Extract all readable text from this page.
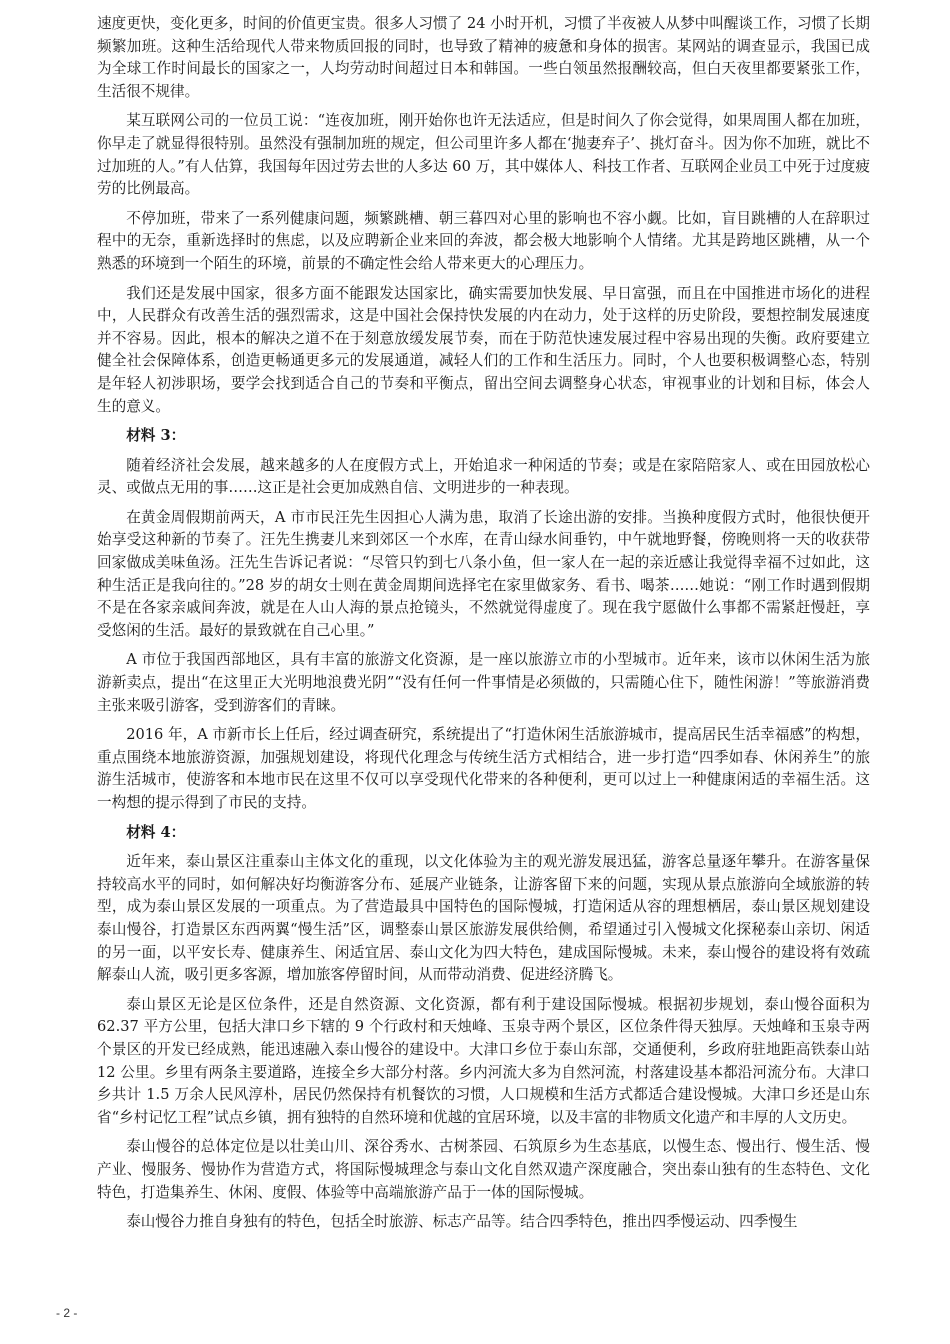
速度更快，变化更多，时间的价值更宝贵。很多人习惯了 24 小时开机，习惯了半夜被人从梦中叫醒谈工作，习惯了长期频繁加班。这种生活给现代人带来物质回报的同时，也导致了精神的疲惫和身体的损害。某网站的调查显示，我国已成为全球工作时间最长的国家之一，人均劳动时间超过日本和韩国。一些白领虽然报酬较高，但白天夜里都要紧张工作，生活很不规律。

某互联网公司的一位员工说：“连夜加班，刚开始你也许无法适应，但是时间久了你会觉得，如果周围人都在加班，你早走了就显得很特别。虽然没有强制加班的规定，但公司里许多人都在‘抛妻弃子’、挑灯奋斗。因为你不加班，就比不过加班的人。”有人估算，我国每年因过劳去世的人多达 60 万，其中媒体人、科技工作者、互联网企业员工中死于过度疲劳的比例最高。

不停加班，带来了一系列健康问题，频繁跳槽、朝三暮四对心里的影响也不容小觑。比如，盲目跳槽的人在辞职过程中的无奈，重新选择时的焦虑，以及应聘新企业来回的奔波，都会极大地影响个人情绪。尤其是跨地区跳槽，从一个熟悉的环境到一个陌生的环境，前景的不确定性会给人带来更大的心理压力。

我们还是发展中国家，很多方面不能跟发达国家比，确实需要加快发展、早日富强，而且在中国推进市场化的进程中，人民群众有改善生活的强烈需求，这是中国社会保持快发展的内在动力，处于这样的历史阶段，要想控制发展速度并不容易。因此，根本的解决之道不在于刻意放缓发展节奏，而在于防范快速发展过程中容易出现的失衡。政府要建立健全社会保障体系，创造更畅通更多元的发展通道，减轻人们的工作和生活压力。同时，个人也要积极调整心态，特别是年轻人初涉职场，要学会找到适合自己的节奏和平衡点，留出空间去调整身心状态，审视事业的计划和目标，体会人生的意义。

材料 3：

随着经济社会发展，越来越多的人在度假方式上，开始追求一种闲适的节奏；或是在家陪陪家人、或在田园放松心灵、或做点无用的事……这正是社会更加成熟自信、文明进步的一种表现。

在黄金周假期前两天，A 市市民汪先生因担心人满为患，取消了长途出游的安排。当换种度假方式时，他很快便开始享受这种新的节奏了。汪先生携妻儿来到郊区一个水库，在青山绿水间垂钓，中午就地野餐，傍晚则将一天的收获带回家做成美味鱼汤。汪先生告诉记者说：“尽管只钓到七八条小鱼，但一家人在一起的亲近感让我觉得幸福不过如此，这种生活正是我向往的。”28 岁的胡女士则在黄金周期间选择宅在家里做家务、看书、喝茶……她说：“刚工作时遇到假期不是在各家亲戚间奔波，就是在人山人海的景点抢镜头，不然就觉得虚度了。现在我宁愿做什么事都不需紧赶慢赶，享受悠闲的生活。最好的景致就在自己心里。”

A 市位于我国西部地区，具有丰富的旅游文化资源，是一座以旅游立市的小型城市。近年来，该市以休闲生活为旅游新卖点，提出“在这里正大光明地浪费光阴”“没有任何一件事情是必须做的，只需随心住下，随性闲游！”等旅游消费主张来吸引游客，受到游客们的青睐。

2016 年，A 市新市长上任后，经过调查研究，系统提出了“打造休闲生活旅游城市，提高居民生活幸福感”的构想，重点围绕本地旅游资源，加强规划建设，将现代化理念与传统生活方式相结合，进一步打造“四季如春、休闲养生”的旅游生活城市，使游客和本地市民在这里不仅可以享受现代化带来的各种便利，更可以过上一种健康闲适的幸福生活。这一构想的提示得到了市民的支持。

材料 4：

近年来，泰山景区注重泰山主体文化的重现，以文化体验为主的观光游发展迅猛，游客总量逐年攀升。在游客量保持较高水平的同时，如何解决好均衡游客分布、延展产业链条，让游客留下来的问题，实现从景点旅游向全域旅游的转型，成为泰山景区发展的一项重点。为了营造最具中国特色的国际慢城，打造闲适从容的理想栖居，泰山景区规划建设泰山慢谷，打造景区东西两翼“慢生活”区，调整泰山景区旅游发展供给侧，希望通过引入慢城文化探秘泰山亲切、闲适的另一面，以平安长寿、健康养生、闲适宜居、泰山文化为四大特色，建成国际慢城。未来，泰山慢谷的建设将有效疏解泰山人流，吸引更多客源，增加旅客停留时间，从而带动消费、促进经济腾飞。

泰山景区无论是区位条件，还是自然资源、文化资源，都有利于建设国际慢城。根据初步规划，泰山慢谷面积为 62.37 平方公里，包括大津口乡下辖的 9 个行政村和天烛峰、玉泉寺两个景区，区位条件得天独厚。天烛峰和玉泉寺两个景区的开发已经成熟，能迅速融入泰山慢谷的建设中。大津口乡位于泰山东部，交通便利，乡政府驻地距高铁泰山站 12 公里。乡里有两条主要道路，连接全乡大部分村落。乡内河流大多为自然河流，村落建设基本都沿河流分布。大津口乡共计 1.5 万余人民风淳朴，居民仍然保持有机餐饮的习惯，人口规模和生活方式都适合建设慢城。大津口乡还是山东省“乡村记忆工程”试点乡镇，拥有独特的自然环境和优越的宜居环境，以及丰富的非物质文化遗产和丰厚的人文历史。

泰山慢谷的总体定位是以壮美山川、深谷秀水、古树茶园、石筑原乡为生态基底，以慢生态、慢出行、慢生活、慢产业、慢服务、慢协作为营造方式，将国际慢城理念与泰山文化自然双遗产深度融合，突出泰山独有的生态特色、文化特色，打造集养生、休闲、度假、体验等中高端旅游产品于一体的国际慢城。

泰山慢谷力推自身独有的特色，包括全时旅游、标志产品等。结合四季特色，推出四季慢运动、四季慢生

- 2 -
